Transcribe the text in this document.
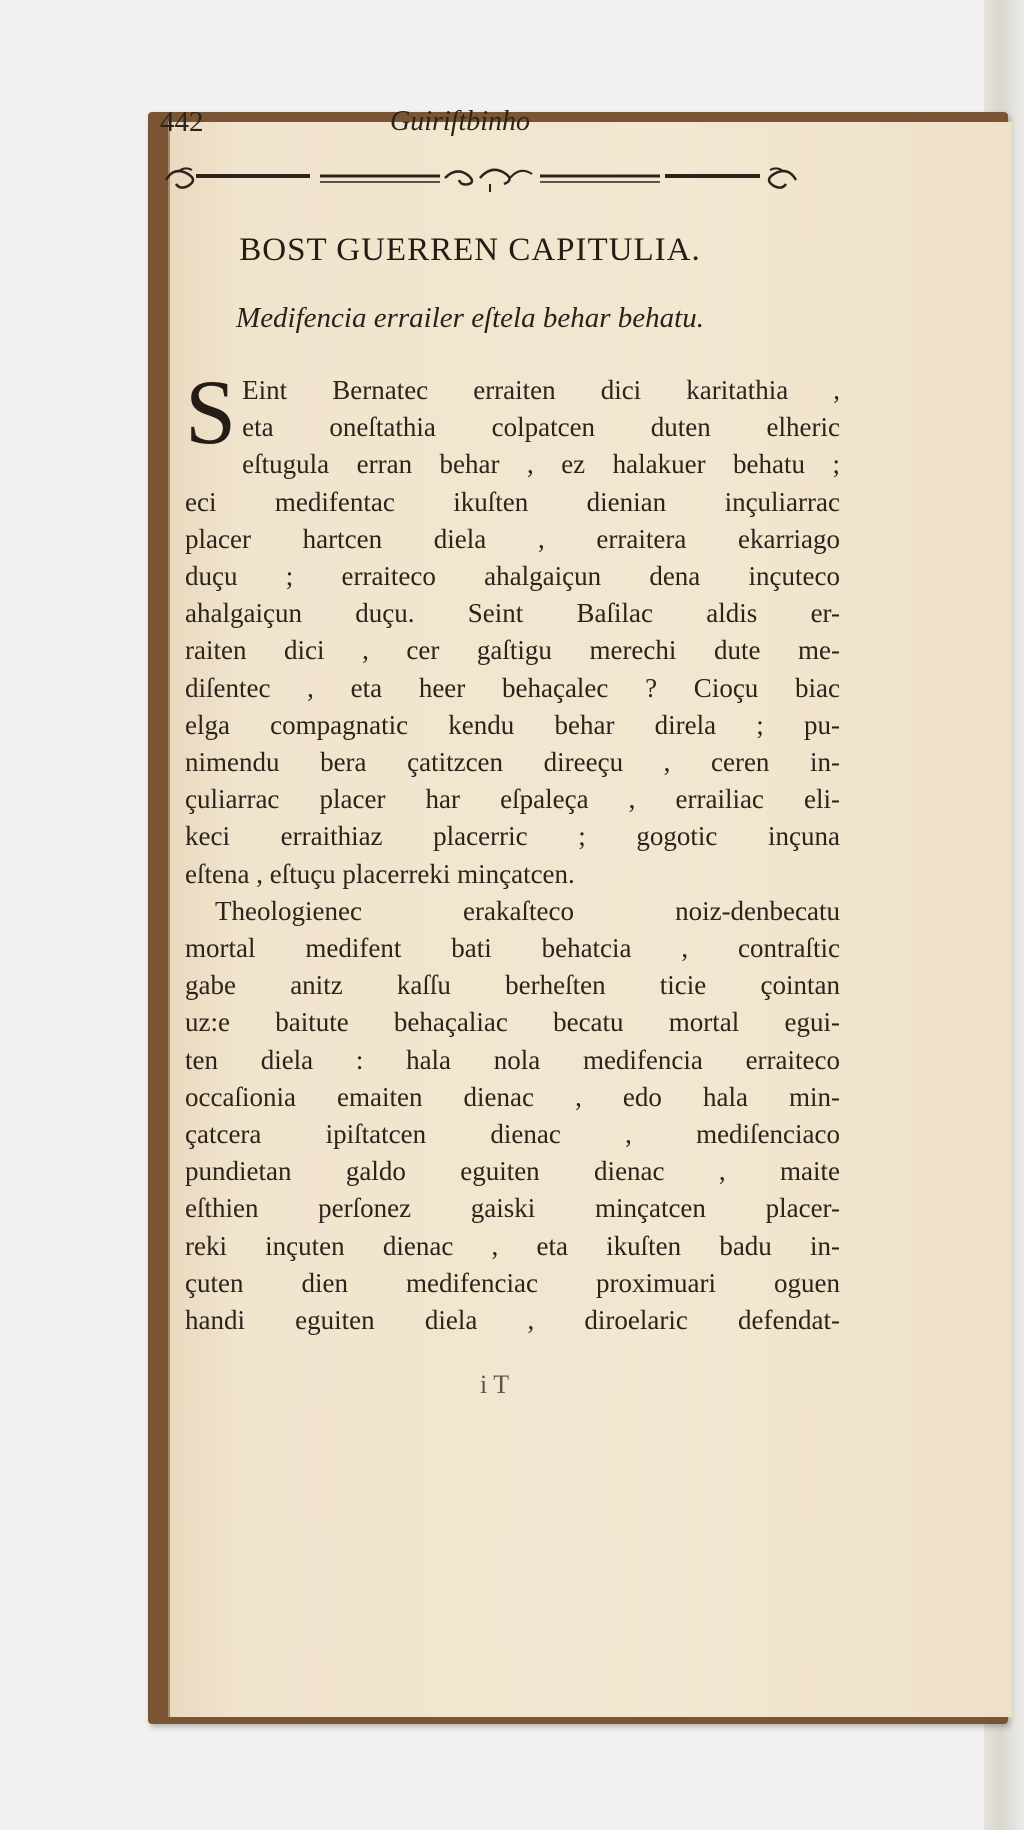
442	Guiriſtbinho
BOST GUERREN CAPITULIA.
Medifencia errailer eſtela behar behatu.

S Eint Bernatec erraiten dici karitathia ,
eta oneſtathia colpatcen duten elheric
eſtugula erran behar , ez halakuer behatu ;
eci medifentac ikuſten dienian inçuliarrac
placer hartcen diela , erraitera ekarriago
duçu ; erraiteco ahalgaiçun dena inçuteco
ahalgaiçun duçu. Seint Baſilac aldis er-
raiten dici , cer gaſtigu merechi dute me-
diſentec , eta heer behaçalec ? Cioçu biac
elga compagnatic kendu behar direla ; pu-
nimendu bera çatitzcen direeçu , ceren in-
çuliarrac placer har eſpaleça , errailiac eli-
keci erraithiaz placerric ; gogotic inçuna
eſtena , eſtuçu placerreki minçatcen.

Theologienec erakaſteco noiz-denbecatu
mortal medifent bati behatcia , contraſtic
gabe anitz kaſſu berheſten ticie çointan
uz:e baitute behaçaliac becatu mortal egui-
ten diela : hala nola medifencia erraiteco
occaſionia emaiten dienac , edo hala min-
çatcera ipiſtatcen dienac , mediſenciaco
pundietan galdo eguiten dienac , maite
eſthien perſonez gaiski minçatcen placer-
reki inçuten dienac , eta ikuſten badu in-
çuten dien medifenciac proximuari oguen
handi eguiten diela , diroelaric defendat-

i T
